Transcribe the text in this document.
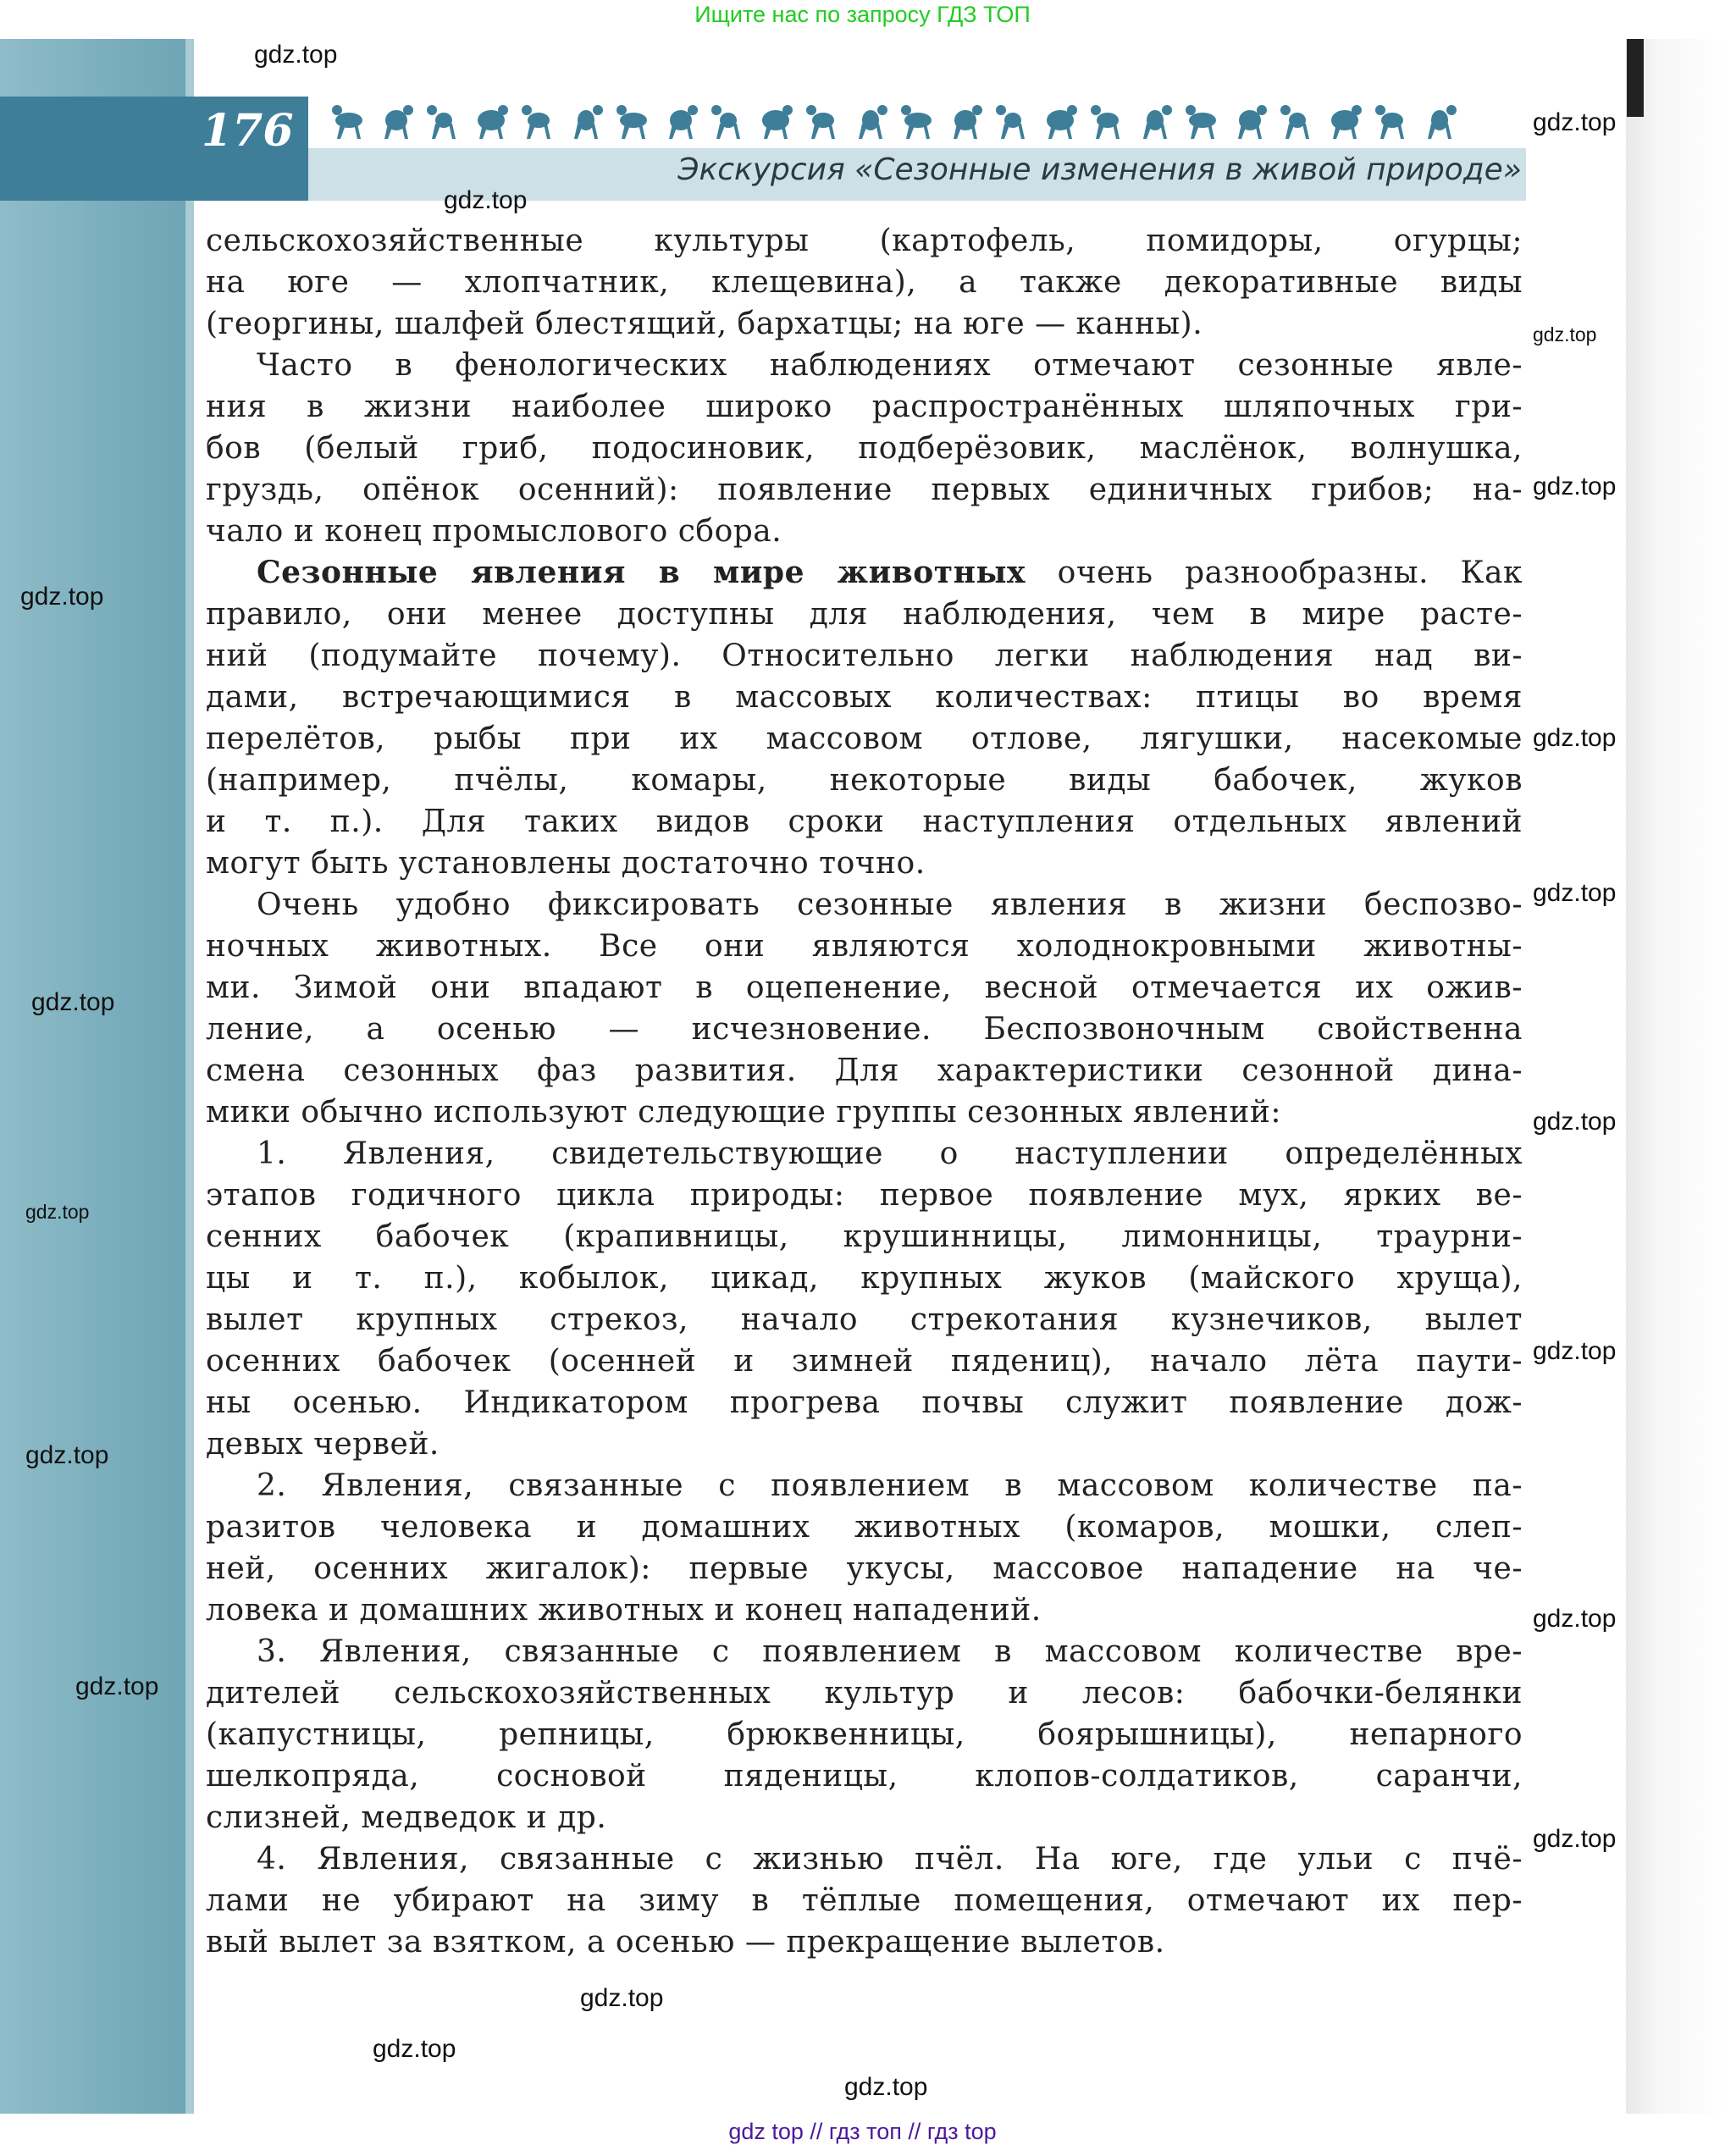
Ищите нас по запросу ГДЗ ТОП
176
Экскурсия «Сезонные изменения в живой природе»
сельскохозяйственные культуры (картофель, помидоры, огурцы;
на юге — хлопчатник, клещевина), а также декоративные виды
(георгины, шалфей блестящий, бархатцы; на юге — канны).
Часто в фенологических наблюдениях отмечают сезонные явле-
ния в жизни наиболее широко распространённых шляпочных гри-
бов (белый гриб, подосиновик, подберёзовик, маслёнок, волнушка,
груздь, опёнок осенний): появление первых единичных грибов; на-
чало и конец промыслового сбора.
Сезонные явления в мире животных очень разнообразны. Как
правило, они менее доступны для наблюдения, чем в мире расте-
ний (подумайте почему). Относительно легки наблюдения над ви-
дами, встречающимися в массовых количествах: птицы во время
перелётов, рыбы при их массовом отлове, лягушки, насекомые
(например, пчёлы, комары, некоторые виды бабочек, жуков
и т. п.). Для таких видов сроки наступления отдельных явлений
могут быть установлены достаточно точно.
Очень удобно фиксировать сезонные явления в жизни беспозво-
ночных животных. Все они являются холоднокровными животны-
ми. Зимой они впадают в оцепенение, весной отмечается их ожив-
ление, а осенью — исчезновение. Беспозвоночным свойственна
смена сезонных фаз развития. Для характеристики сезонной дина-
мики обычно используют следующие группы сезонных явлений:
1. Явления, свидетельствующие о наступлении определённых
этапов годичного цикла природы: первое появление мух, ярких ве-
сенних бабочек (крапивницы, крушинницы, лимонницы, траурни-
цы и т. п.), кобылок, цикад, крупных жуков (майского хруща),
вылет крупных стрекоз, начало стрекотания кузнечиков, вылет
осенних бабочек (осенней и зимней пядениц), начало лёта паути-
ны осенью. Индикатором прогрева почвы служит появление дож-
девых червей.
2. Явления, связанные с появлением в массовом количестве па-
разитов человека и домашних животных (комаров, мошки, слеп-
ней, осенних жигалок): первые укусы, массовое нападение на че-
ловека и домашних животных и конец нападений.
3. Явления, связанные с появлением в массовом количестве вре-
дителей сельскохозяйственных культур и лесов: бабочки-белянки
(капустницы, репницы, брюквенницы, боярышницы), непарного
шелкопряда, сосновой пяденицы, клопов-солдатиков, саранчи,
слизней, медведок и др.
4. Явления, связанные с жизнью пчёл. На юге, где ульи с пчё-
лами не убирают на зиму в тёплые помещения, отмечают их пер-
вый вылет за взятком, а осенью — прекращение вылетов.
gdz.top
gdz.top
gdz.top
gdz.top
gdz.top
gdz.top
gdz.top
gdz.top
gdz.top
gdz.top
gdz.top
gdz.top
gdz.top
gdz.top
gdz.top
gdz.top
gdz.top
gdz.top
gdz.top
gdz top // гдз топ // гдз top
